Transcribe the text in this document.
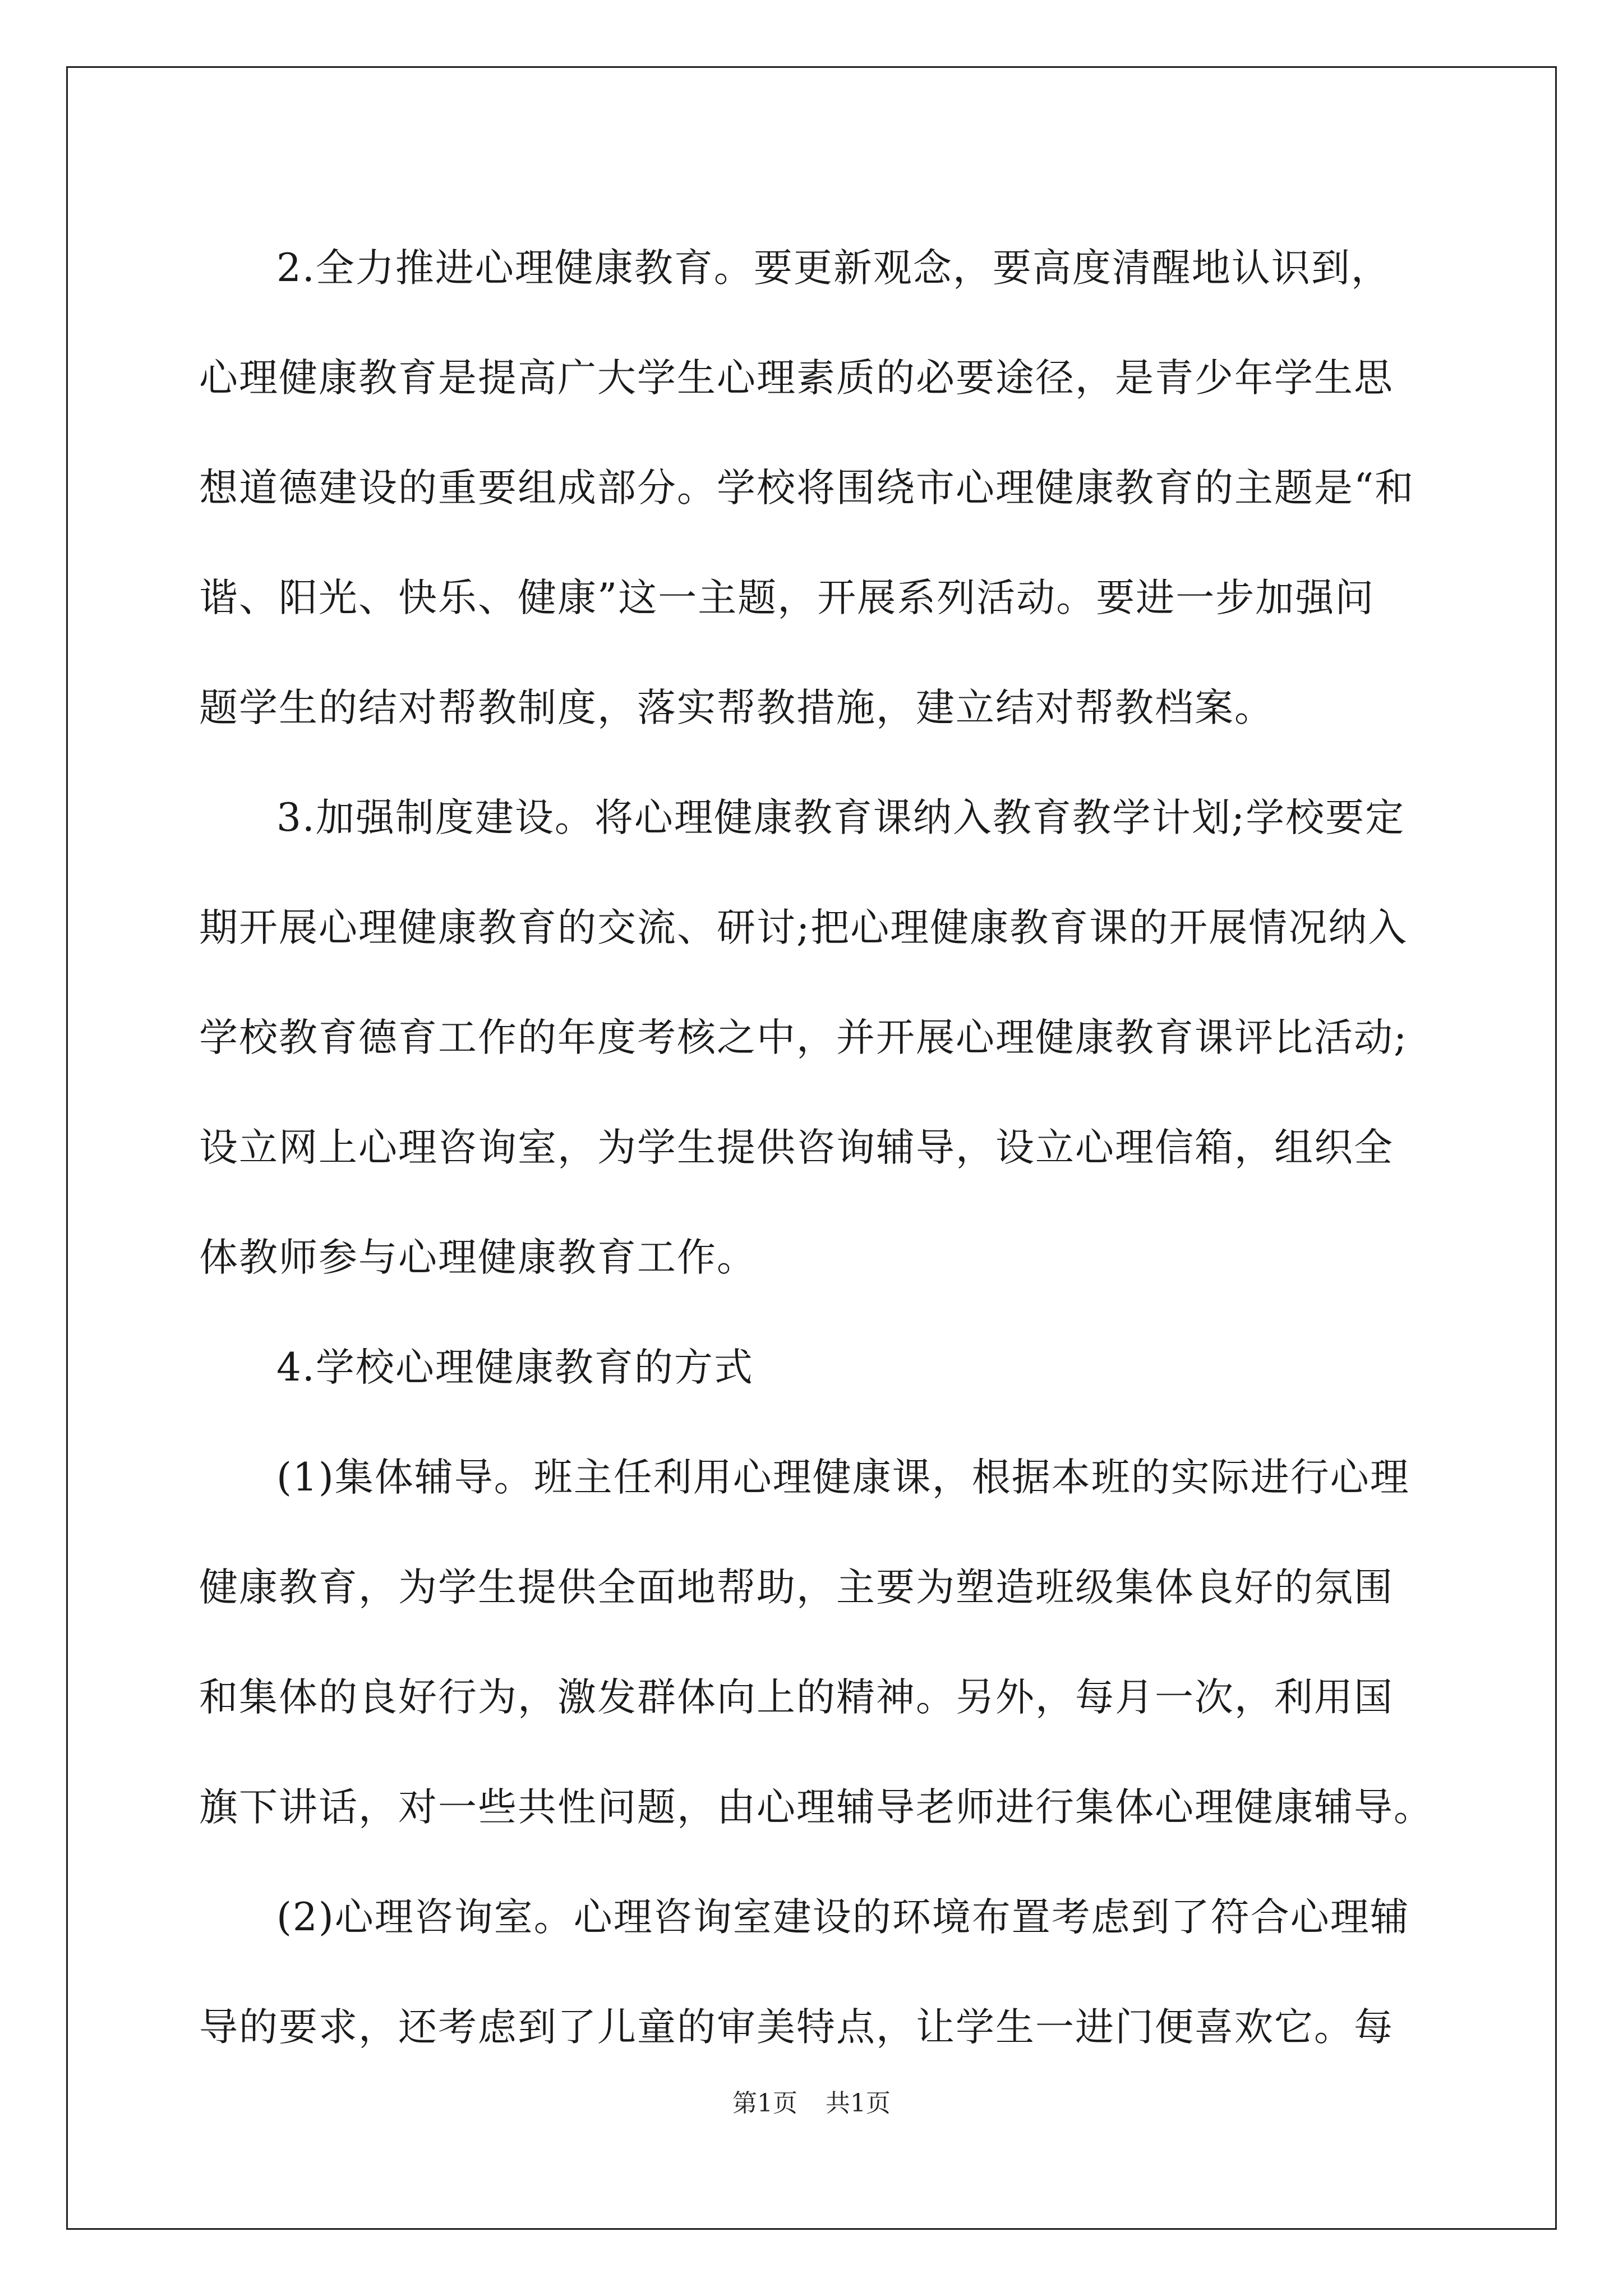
2.全力推进心理健康教育。要更新观念，要高度清醒地认识到，
心理健康教育是提高广大学生心理素质的必要途径，是青少年学生思
想道德建设的重要组成部分。学校将围绕市心理健康教育的主题是“和
谐、阳光、快乐、健康”这一主题，开展系列活动。要进一步加强问
题学生的结对帮教制度，落实帮教措施，建立结对帮教档案。
3.加强制度建设。将心理健康教育课纳入教育教学计划;学校要定
期开展心理健康教育的交流、研讨;把心理健康教育课的开展情况纳入
学校教育德育工作的年度考核之中，并开展心理健康教育课评比活动;
设立网上心理咨询室，为学生提供咨询辅导，设立心理信箱，组织全
体教师参与心理健康教育工作。
4.学校心理健康教育的方式
(1)集体辅导。班主任利用心理健康课，根据本班的实际进行心理
健康教育，为学生提供全面地帮助，主要为塑造班级集体良好的氛围
和集体的良好行为，激发群体向上的精神。另外，每月一次，利用国
旗下讲话，对一些共性问题，由心理辅导老师进行集体心理健康辅导。
(2)心理咨询室。心理咨询室建设的环境布置考虑到了符合心理辅
导的要求，还考虑到了儿童的审美特点，让学生一进门便喜欢它。每
第1页 共1页
